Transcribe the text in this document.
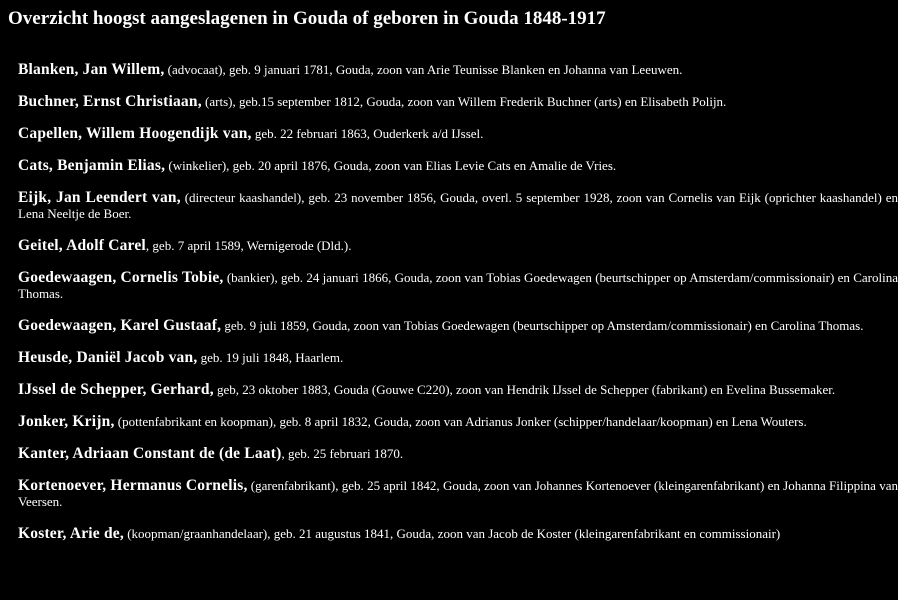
Overzicht hoogst aangeslagenen in Gouda of geboren in Gouda 1848-1917

Blanken, Jan Willem, (advocaat), geb. 9 januari 1781, Gouda, zoon van Arie Teunisse Blanken en Johanna van Leeuwen.

Buchner, Ernst Christiaan, (arts), geb.15 september 1812, Gouda, zoon van Willem Frederik Buchner (arts) en Elisabeth Polijn.

Capellen, Willem Hoogendijk van, geb. 22 februari 1863, Ouderkerk a/d IJssel.

Cats, Benjamin Elias, (winkelier), geb. 20 april 1876, Gouda, zoon van Elias Levie Cats en Amalie de Vries.

Eijk, Jan Leendert van, (directeur kaashandel), geb. 23 november 1856, Gouda, overl. 5 september 1928, zoon van Cornelis van Eijk (oprichter kaashandel) en Lena Neeltje de Boer.

Geitel, Adolf Carel, geb. 7 april 1589, Wernigerode (Dld.).

Goedewaagen, Cornelis Tobie, (bankier), geb. 24 januari 1866, Gouda, zoon van Tobias Goedewagen (beurtschipper op Amsterdam/commissionair) en Carolina Thomas.

Goedewaagen, Karel Gustaaf, geb. 9 juli 1859, Gouda, zoon van Tobias Goedewagen (beurtschipper op Amsterdam/commissionair) en Carolina Thomas.

Heusde, Daniël Jacob van, geb. 19 juli 1848, Haarlem.

IJssel de Schepper, Gerhard, geb, 23 oktober 1883, Gouda (Gouwe C220), zoon van Hendrik IJssel de Schepper (fabrikant) en Evelina Bussemaker.

Jonker, Krijn, (pottenfabrikant en koopman), geb. 8 april 1832, Gouda, zoon van Adrianus Jonker (schipper/handelaar/koopman) en Lena Wouters.

Kanter, Adriaan Constant de (de Laat), geb. 25 februari 1870.

Kortenoever, Hermanus Cornelis, (garenfabrikant), geb. 25 april 1842, Gouda, zoon van Johannes Kortenoever (kleingarenfabrikant) en Johanna Filippina van Veersen.

Koster, Arie de, (koopman/graanhandelaar), geb. 21 augustus 1841, Gouda, zoon van Jacob de Koster (kleingarenfabrikant en commissionair)
